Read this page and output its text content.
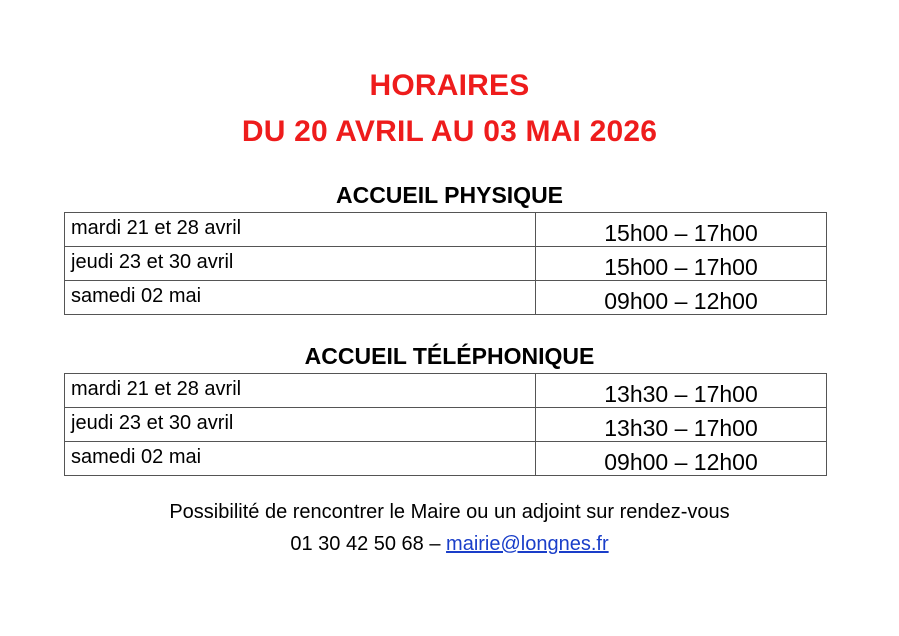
HORAIRES
DU 20 AVRIL AU 03 MAI 2026
ACCUEIL PHYSIQUE
mardi 21 et 28 avril	15h00 – 17h00
jeudi 23 et 30 avril	15h00 – 17h00
samedi 02 mai	09h00 – 12h00
ACCUEIL TÉLÉPHONIQUE
mardi 21 et 28 avril	13h30 – 17h00
jeudi 23 et 30 avril	13h30 – 17h00
samedi 02 mai	09h00 – 12h00
Possibilité de rencontrer le Maire ou un adjoint sur rendez-vous
01 30 42 50 68 – mairie@longnes.fr
